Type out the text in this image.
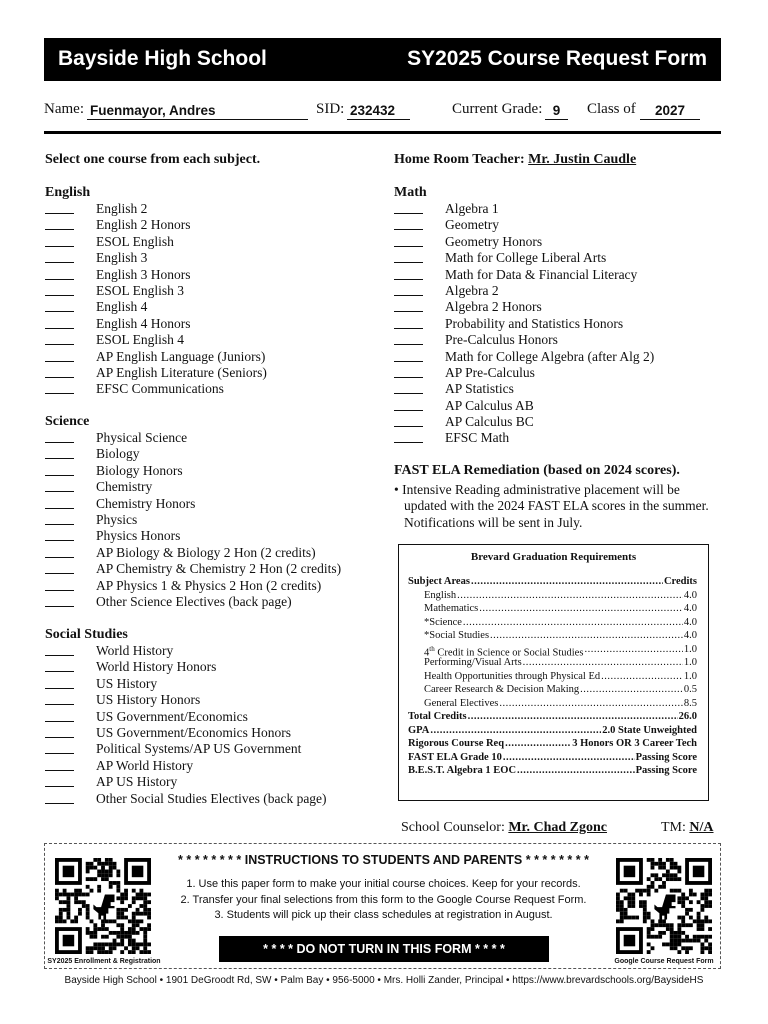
Bayside High School	SY2025 Course Request Form
Name: Fuenmayor, Andres	SID: 232432	Current Grade: 9	Class of	2027
Select one course from each subject.
English
English 2
English 2 Honors
ESOL English
English 3
English 3 Honors
ESOL English 3
English 4
English 4 Honors
ESOL English 4
AP English Language (Juniors)
AP English Literature (Seniors)
EFSC Communications
Science
Physical Science
Biology
Biology Honors
Chemistry
Chemistry Honors
Physics
Physics Honors
AP Biology & Biology 2 Hon (2 credits)
AP Chemistry & Chemistry 2 Hon (2 credits)
AP Physics 1 & Physics 2 Hon (2 credits)
Other Science Electives (back page)
Social Studies
World History
World History Honors
US History
US History Honors
US Government/Economics
US Government/Economics Honors
Political Systems/AP US Government
AP World History
AP US History
Other Social Studies Electives (back page)
Home Room Teacher: Mr. Justin Caudle
Math
Algebra 1
Geometry
Geometry Honors
Math for College Liberal Arts
Math for Data & Financial Literacy
Algebra 2
Algebra 2 Honors
Probability and Statistics Honors
Pre-Calculus Honors
Math for College Algebra (after Alg 2)
AP Pre-Calculus
AP Statistics
AP Calculus AB
AP Calculus BC
EFSC Math
FAST ELA Remediation (based on 2024 scores).
• Intensive Reading administrative placement will be
updated with the 2024 FAST ELA scores in the summer.
Notifications will be sent in July.
Brevard Graduation Requirements
Subject Areas .....	Credits
English .....	4.0
Mathematics .....	4.0
*Science .....	4.0
*Social Studies .....	4.0
4th Credit in Science or Social Studies .....	1.0
Performing/Visual Arts .....	1.0
Health Opportunities through Physical Ed .....	1.0
Career Research & Decision Making .....	0.5
General Electives .....	8.5
Total Credits .....	26.0
GPA .....	2.0 State Unweighted
Rigorous Course Req .....	3 Honors OR 3 Career Tech
FAST ELA Grade 10 .....	Passing Score
B.E.S.T. Algebra 1 EOC .....	Passing Score
School Counselor: Mr. Chad Zgonc	TM: N/A
SY2025 Enrollment & Registration	Google Course Request Form
* * * * * * * * INSTRUCTIONS TO STUDENTS AND PARENTS * * * * * * * *
1. Use this paper form to make your initial course choices. Keep for your records.
2. Transfer your final selections from this form to the Google Course Request Form.
3. Students will pick up their class schedules at registration in August.
* * * * DO NOT TURN IN THIS FORM * * * *
Bayside High School • 1901 DeGroodt Rd, SW • Palm Bay • 956-5000 • Mrs. Holli Zander, Principal • https://www.brevardschools.org/BaysideHS
